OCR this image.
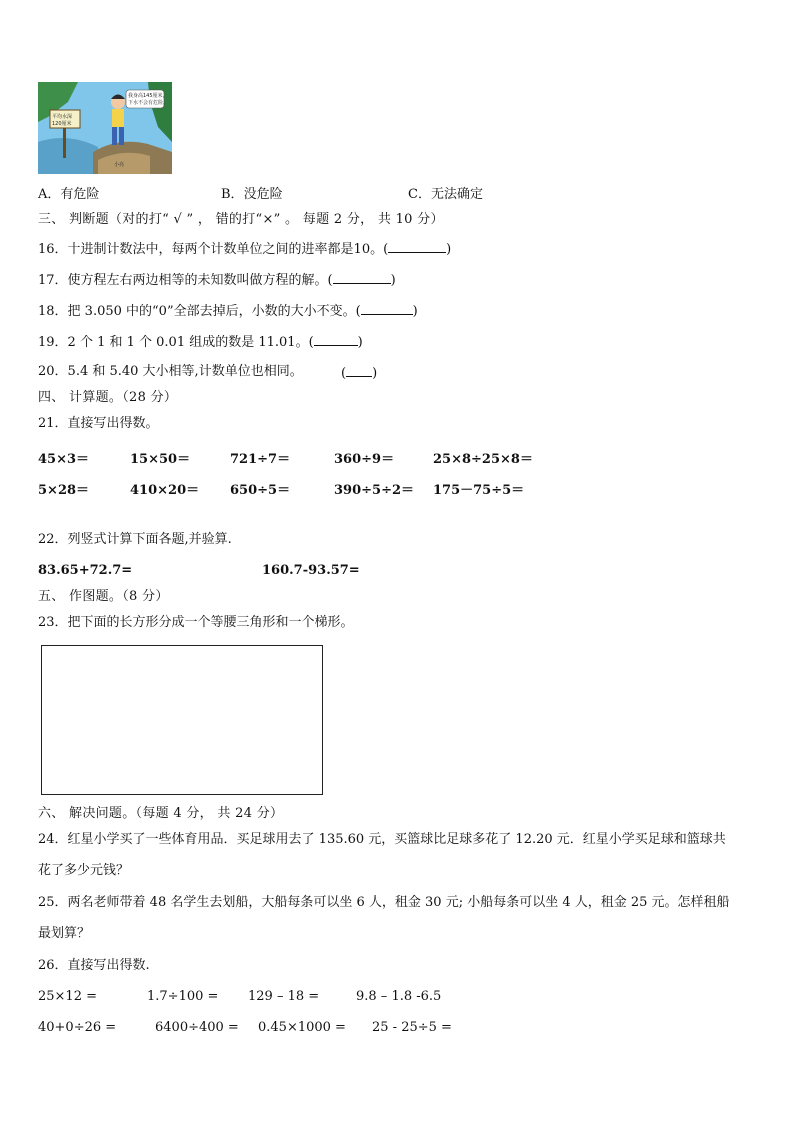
平均水深
120厘米
我身高145厘米，
下水不会有危险。
小亮
A．有危险	B．没危险	C．无法确定
三、 判断题（对的打“ √ ” ， 错的打“×” 。 每题 2 分， 共 10 分）
16．十进制计数法中，每两个计数单位之间的进率都是10。(	)
17．使方程左右两边相等的未知数叫做方程的解。(	)
18．把 3.050 中的“0”全部去掉后，小数的大小不变。(	)
19．2 个 1 和 1 个 0.01 组成的数是 11.01。(	)
20．5.4 和 5.40 大小相等,计数单位也相同。	( )
四、 计算题。（28 分）
21．直接写出得数。
45×3＝	15×50＝	721÷7＝	360÷9＝	25×8÷25×8＝
5×28＝	410×20＝ 650÷5＝	390÷5÷2＝ 175－75÷5＝
22．列竖式计算下面各题,并验算.
83.65+72.7=	160.7-93.57=
五、 作图题。（8 分）
23．把下面的长方形分成一个等腰三角形和一个梯形。
六、 解决问题。（每题 4 分， 共 24 分）
24．红星小学买了一些体育用品．买足球用去了 135.60 元，买篮球比足球多花了 12.20 元．红星小学买足球和篮球共
花了多少元钱？
25．两名老师带着 48 名学生去划船，大船每条可以坐 6 人，租金 30 元; 小船每条可以坐 4 人，租金 25 元。怎样租船
最划算？
26．直接写出得数.
25×12 =	1.7÷100 = 129 – 18 =	9.8 – 1.8 -6.5
40+0÷26 =	6400÷400 = 0.45×1000 = 25 - 25÷5 =
